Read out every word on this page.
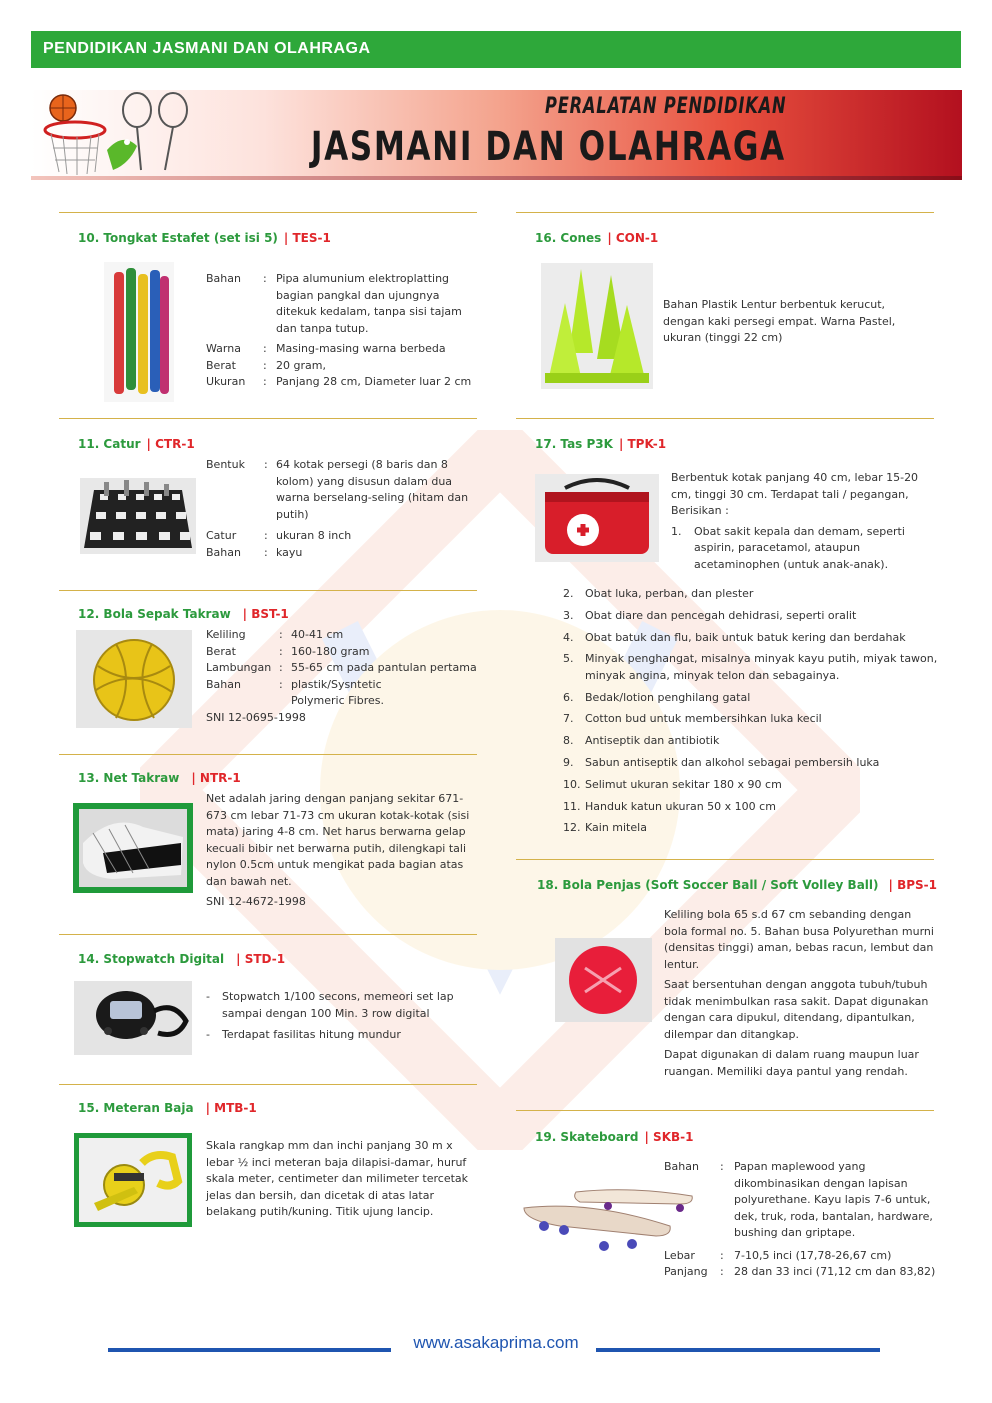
PENDIDIKAN JASMANI DAN OLAHRAGA
PERALATAN PENDIDIKAN
JASMANI DAN OLAHRAGA
10. Tongkat Estafet (set isi 5) | TES-1
Bahan	: Pipa alumunium elektroplatting bagian pangkal dan ujungnya ditekuk kedalam, tanpa sisi tajam dan tanpa tutup.
Warna	: Masing-masing warna berbeda
Berat	: 20 gram,
Ukuran	: Panjang 28 cm, Diameter luar 2 cm
11. Catur | CTR-1
Bentuk	: 64 kotak persegi (8 baris dan 8 kolom) yang disusun dalam dua warna berselang-seling (hitam dan putih)
Catur	: ukuran 8 inch
Bahan	: kayu
12. Bola Sepak Takraw | BST-1
Keliling	: 40-41 cm
Berat	: 160-180 gram
Lambungan : 55-65 cm pada pantulan pertama
Bahan	: plastik/Sysntetic Polymeric Fibres.
SNI 12-0695-1998
13. Net Takraw | NTR-1
Net adalah jaring dengan panjang sekitar 671-673 cm lebar 71-73 cm ukuran kotak-kotak (sisi mata) jaring 4-8 cm. Net harus berwarna gelap kecuali bibir net berwarna putih, dilengkapi tali nylon 0.5cm untuk mengikat pada bagian atas dan bawah net.
SNI 12-4672-1998
14. Stopwatch Digital | STD-1
-	Stopwatch 1/100 secons, memeori set lap sampai dengan 100 Min. 3 row digital
-	Terdapat fasilitas hitung mundur
15. Meteran Baja | MTB-1
Skala rangkap mm dan inchi panjang 30 m x lebar ½ inci meteran baja dilapisi-damar, huruf skala meter, centimeter dan milimeter tercetak jelas dan bersih, dan dicetak di atas latar belakang putih/kuning. Titik ujung lancip.
16. Cones | CON-1
Bahan Plastik Lentur berbentuk kerucut, dengan kaki persegi empat. Warna Pastel, ukuran (tinggi 22 cm)
17. Tas P3K | TPK-1
Berbentuk kotak panjang 40 cm, lebar 15-20 cm, tinggi 30 cm. Terdapat tali / pegangan,
Berisikan :
1.	Obat sakit kepala dan demam, seperti aspirin, paracetamol, ataupun acetaminophen (untuk anak-anak).
2.	Obat luka, perban, dan plester
3.	Obat diare dan pencegah dehidrasi, seperti oralit
4.	Obat batuk dan flu, baik untuk batuk kering dan berdahak
5.	Minyak penghangat, misalnya minyak kayu putih, miyak tawon, minyak angina, minyak telon dan sebagainya.
6.	Bedak/lotion penghilang gatal
7.	Cotton bud untuk membersihkan luka kecil
8.	Antiseptik dan antibiotik
9.	Sabun antiseptik dan alkohol sebagai pembersih luka
10. Selimut ukuran sekitar 180 x 90 cm
11. Handuk katun ukuran 50 x 100 cm
12. Kain mitela
18. Bola Penjas (Soft Soccer Ball / Soft Volley Ball) | BPS-1
Keliling bola 65 s.d 67 cm sebanding dengan bola formal no. 5. Bahan busa Polyurethan murni (densitas tinggi) aman, bebas racun, lembut dan lentur.
Saat bersentuhan dengan anggota tubuh/tubuh tidak menimbulkan rasa sakit. Dapat digunakan dengan cara dipukul, ditendang, dipantulkan, dilempar dan ditangkap.
Dapat digunakan di dalam ruang maupun luar ruangan. Memiliki daya pantul yang rendah.
19. Skateboard | SKB-1
Bahan	: Papan maplewood yang dikombinasikan dengan lapisan polyurethane. Kayu lapis 7-6 untuk, dek, truk, roda, bantalan, hardware, bushing dan griptape.
Lebar	: 7-10,5 inci (17,78-26,67 cm)
Panjang	: 28 dan 33 inci (71,12 cm dan 83,82)
www.asakaprima.com
